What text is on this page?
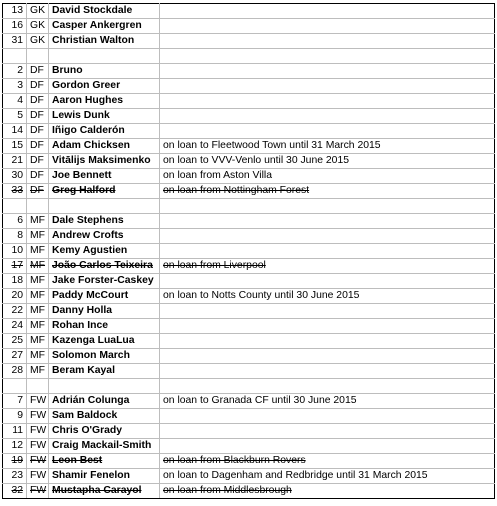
13	GK	David Stockdale	
16	GK	Casper Ankergren	
31	GK	Christian Walton	

2	DF	Bruno	
3	DF	Gordon Greer	
4	DF	Aaron Hughes	
5	DF	Lewis Dunk	
14	DF	Iñigo Calderón	
15	DF	Adam Chicksen	on loan to Fleetwood Town until 31 March 2015
21	DF	Vitālijs Maksimenko	on loan to VVV-Venlo until 30 June 2015
30	DF	Joe Bennett	on loan from Aston Villa
33	DF	Greg Halford	on loan from Nottingham Forest

6	MF	Dale Stephens	
8	MF	Andrew Crofts	
10	MF	Kemy Agustien	
17	MF	João Carlos Teixeira	on loan from Liverpool
18	MF	Jake Forster-Caskey	
20	MF	Paddy McCourt	on loan to Notts County until 30 June 2015
22	MF	Danny Holla	
24	MF	Rohan Ince	
25	MF	Kazenga LuaLua	
27	MF	Solomon March	
28	MF	Beram Kayal	

7	FW	Adrián Colunga	on loan to Granada CF until 30 June 2015
9	FW	Sam Baldock	
11	FW	Chris O'Grady	
12	FW	Craig Mackail-Smith	
19	FW	Leon Best	on loan from Blackburn Rovers
23	FW	Shamir Fenelon	on loan to Dagenham and Redbridge until 31 March 2015
32	FW	Mustapha Carayol	on loan from Middlesbrough
